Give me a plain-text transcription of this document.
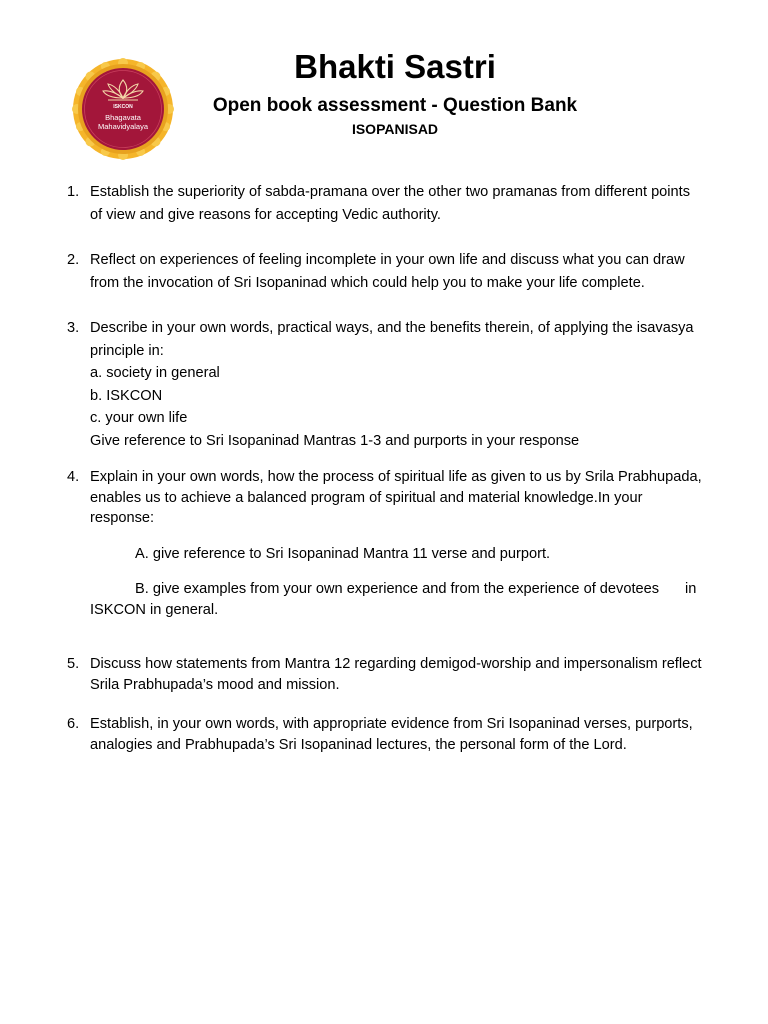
ISKCON
Bhagavata
Mahavidyalaya
Bhakti Sastri
Open book assessment - Question Bank
ISOPANISAD
1. Establish the superiority of sabda-pramana over the other two pramanas from different points
of view and give reasons for accepting Vedic authority.
2. Reflect on experiences of feeling incomplete in your own life and discuss what you can draw
from the invocation of Sri Isopaninad which could help you to make your life complete.
3. Describe in your own words, practical ways, and the benefits therein, of applying the isavasya
principle in:
a. society in general
b. ISKCON
c. your own life
Give reference to Sri Isopaninad Mantras 1-3 and purports in your response
4. Explain in your own words, how the process of spiritual life as given to us by Srila Prabhupada,
enables us to achieve a balanced program of spiritual and material knowledge.In your
response:
A. give reference to Sri Isopaninad Mantra 11 verse and purport.
B. give examples from your own experience and from the experience of devotees in
ISKCON in general.
5. Discuss how statements from Mantra 12 regarding demigod-worship and impersonalism reflect
Srila Prabhupada’s mood and mission.
6. Establish, in your own words, with appropriate evidence from Sri Isopaninad verses, purports,
analogies and Prabhupada’s Sri Isopaninad lectures, the personal form of the Lord.
